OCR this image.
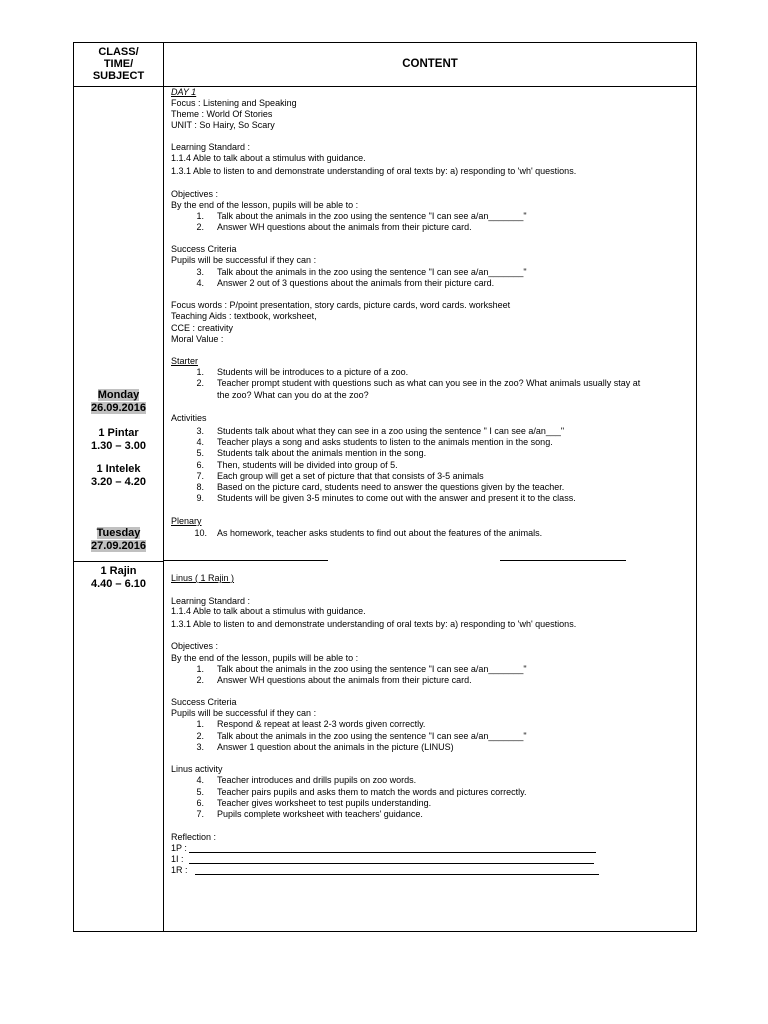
CLASS/
TIME/
SUBJECT
CONTENT
Monday
26.09.2016
1 Pintar
1.30 – 3.00
1 Intelek
3.20 – 4.20
Tuesday
27.09.2016
1 Rajin
4.40 – 6.10
DAY 1
Focus : Listening and Speaking
Theme : World Of Stories
UNIT : So Hairy, So Scary
Learning Standard :
1.1.4 Able to talk about a stimulus with guidance.
1.3.1 Able to listen to and demonstrate understanding of oral texts by: a) responding to 'wh' questions.
Objectives :
By the end of the lesson, pupils will be able to :
1. Talk about the animals in the zoo using the sentence "I can see a/an_______"
2. Answer WH questions about the animals from their picture card.
Success Criteria
Pupils will be successful if they can :
3. Talk about the animals in the zoo using the sentence "I can see a/an_______"
4. Answer 2 out of 3 questions about the animals from their picture card.
Focus words : P/point presentation, story cards, picture cards, word cards. worksheet
Teaching Aids : textbook, worksheet,
CCE : creativity
Moral Value :
Starter
1. Students will be introduces to a picture of a zoo.
2. Teacher prompt student with questions such as what can you see in the zoo? What animals usually stay at
the zoo? What can you do at the zoo?
Activities
3. Students talk about what they can see in a zoo using the sentence " I can see a/an___"
4. Teacher plays a song and asks students to listen to the animals mention in the song.
5. Students talk about the animals mention in the song.
6. Then, students will be divided into group of 5.
7. Each group will get a set of picture that that consists of 3-5 animals
8. Based on the picture card, students need to answer the questions given by the teacher.
9. Students will be given 3-5 minutes to come out with the answer and present it to the class.
Plenary
10. As homework, teacher asks students to find out about the features of the animals.
Linus ( 1 Rajin )
Learning Standard :
1.1.4 Able to talk about a stimulus with guidance.
1.3.1 Able to listen to and demonstrate understanding of oral texts by: a) responding to 'wh' questions.
Objectives :
By the end of the lesson, pupils will be able to :
1. Talk about the animals in the zoo using the sentence "I can see a/an_______"
2. Answer WH questions about the animals from their picture card.
Success Criteria
Pupils will be successful if they can :
1. Respond & repeat at least 2-3 words given correctly.
2. Talk about the animals in the zoo using the sentence "I can see a/an_______"
3. Answer 1 question about the animals in the picture (LINUS)
Linus activity
4. Teacher introduces and drills pupils on zoo words.
5. Teacher pairs pupils and asks them to match the words and pictures correctly.
6. Teacher gives worksheet to test pupils understanding.
7. Pupils complete worksheet with teachers' guidance.
Reflection :
1P :
1I :
1R :
